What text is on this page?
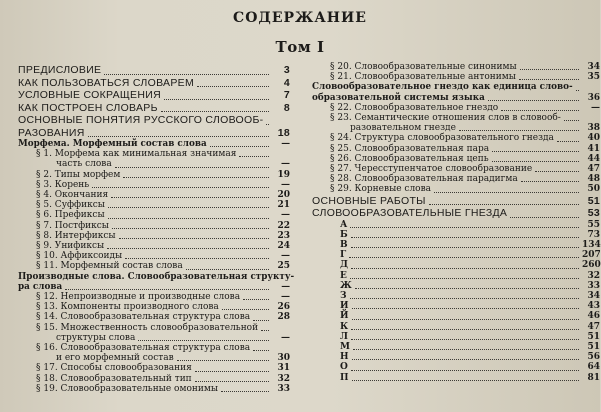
СОДЕРЖАНИЕ
Том I
ПРЕДИСЛОВИЕ	3
КАК ПОЛЬЗОВАТЬСЯ СЛОВАРЕМ	4
УСЛОВНЫЕ СОКРАЩЕНИЯ	7
КАК ПОСТРОЕН СЛОВАРЬ	8
ОСНОВНЫЕ ПОНЯТИЯ РУССКОГО СЛОВООБ-
РАЗОВАНИЯ	18
Морфема. Морфемный состав слова	—
§ 1. Морфема как минимальная значимая
часть слова	—
§ 2. Типы морфем	19
§ 3. Корень	—
§ 4. Окончания	20
§ 5. Суффиксы	21
§ 6. Префиксы	—
§ 7. Постфиксы	22
§ 8. Интерфиксы	23
§ 9. Унификсы	24
§ 10. Аффиксоиды	—
§ 11. Морфемный состав слова	25
Производные слова. Словообразовательная структу-
ра слова	—
§ 12. Непроизводные и производные слова	—
§ 13. Компоненты производного слова	26
§ 14. Словообразовательная структура слова	28
§ 15. Множественность словообразовательной
структуры слова	—
§ 16. Словообразовательная структура слова
и его морфемный состав	30
§ 17. Способы словообразования	31
§ 18. Словообразовательный тип	32
§ 19. Словообразовательные омонимы	33
§ 20. Словообразовательные синонимы	34
§ 21. Словообразовательные антонимы	35
Словообразовательное гнездо как единица слово-
образовательной системы языка	36
§ 22. Словообразовательное гнездо	—
§ 23. Семантические отношения слов в словооб-
разовательном гнезде	38
§ 24. Структура словообразовательного гнезда	40
§ 25. Словообразовательная пара	41
§ 26. Словообразовательная цепь	44
§ 27. Чересступенчатое словообразование	47
§ 28. Словообразовательная парадигма	48
§ 29. Корневые слова	50
ОСНОВНЫЕ РАБОТЫ	51
СЛОВООБРАЗОВАТЕЛЬНЫЕ ГНЕЗДА	53
А	55
Б	73
В	134
Г	207
Д	260
Е	32
Ж	33
З	34
И	43
Й	46
К	47
Л	51
М	51
Н	56
О	64
П	81
